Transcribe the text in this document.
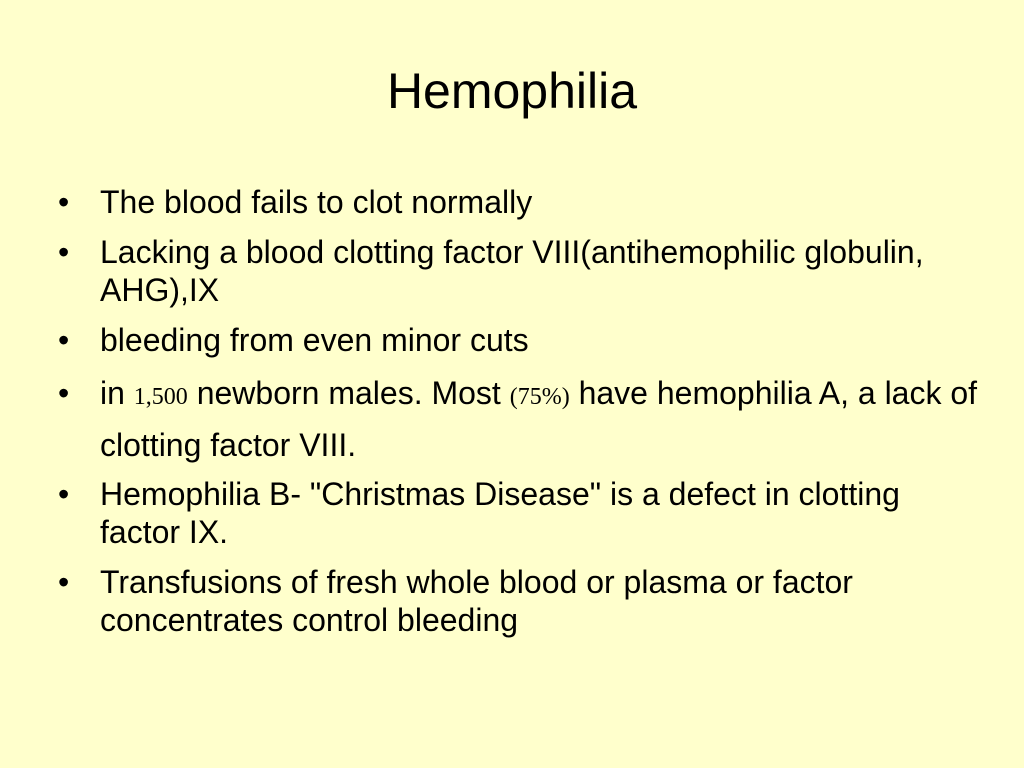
Hemophilia
• The blood fails to clot normally
• Lacking a blood clotting factor VIII(antihemophilic globulin, AHG),IX
• bleeding from even minor cuts
• in 1,500 newborn males. Most (75%) have hemophilia A, a lack of clotting factor VIII.
• Hemophilia B- "Christmas Disease" is a defect in clotting factor IX.
• Transfusions of fresh whole blood or plasma or factor concentrates control bleeding
